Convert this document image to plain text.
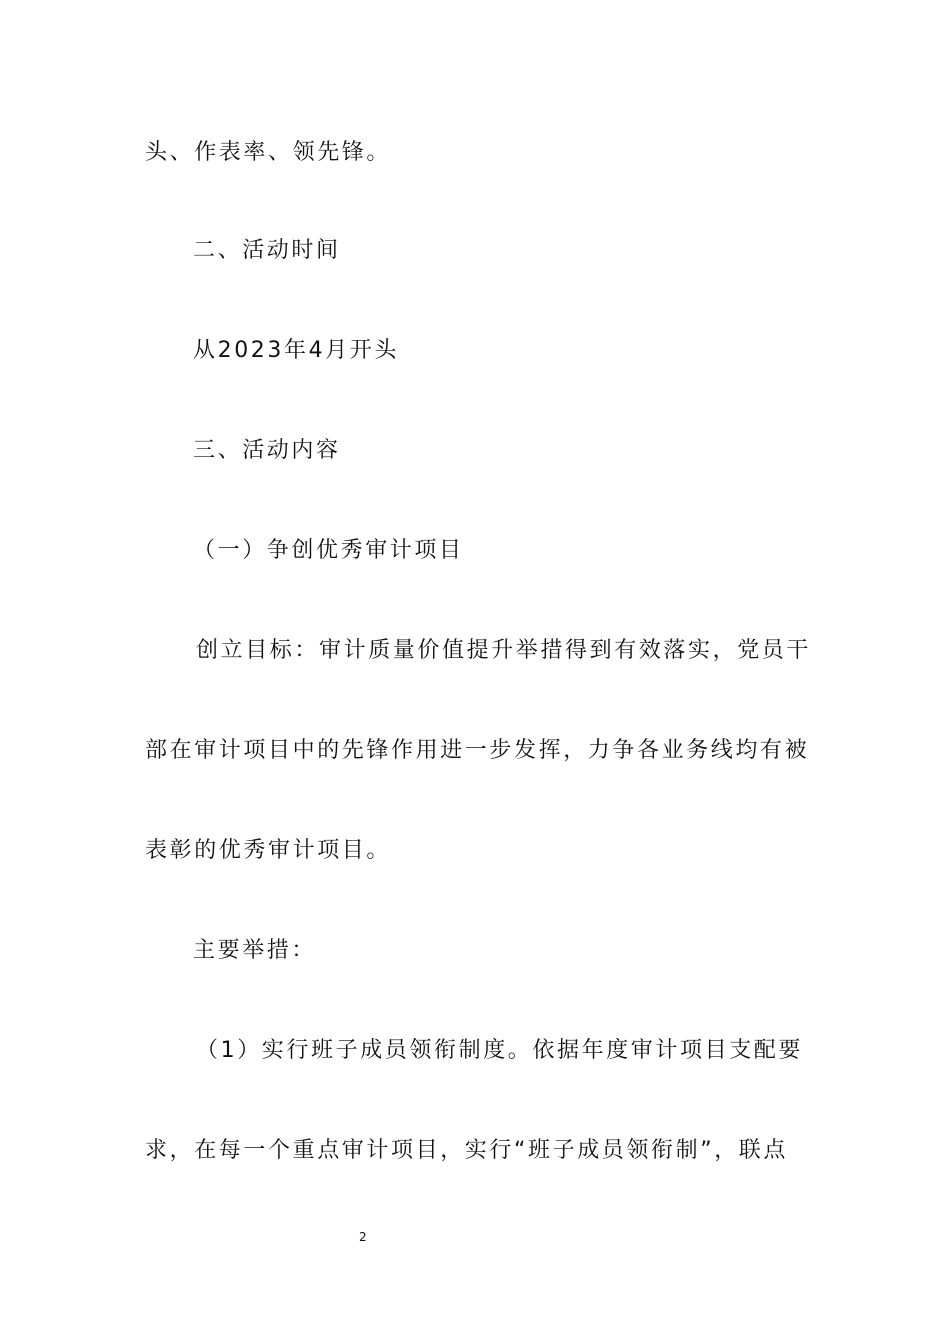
头、作表率、领先锋。
二、活动时间
从2023年4月开头
三、活动内容
（一）争创优秀审计项目
创立目标：审计质量价值提升举措得到有效落实，党员干
部在审计项目中的先锋作用进一步发挥，力争各业务线均有被
表彰的优秀审计项目。
主要举措：
（1）实行班子成员领衔制度。依据年度审计项目支配要
求，在每一个重点审计项目，实行“班子成员领衔制”，联点
2
